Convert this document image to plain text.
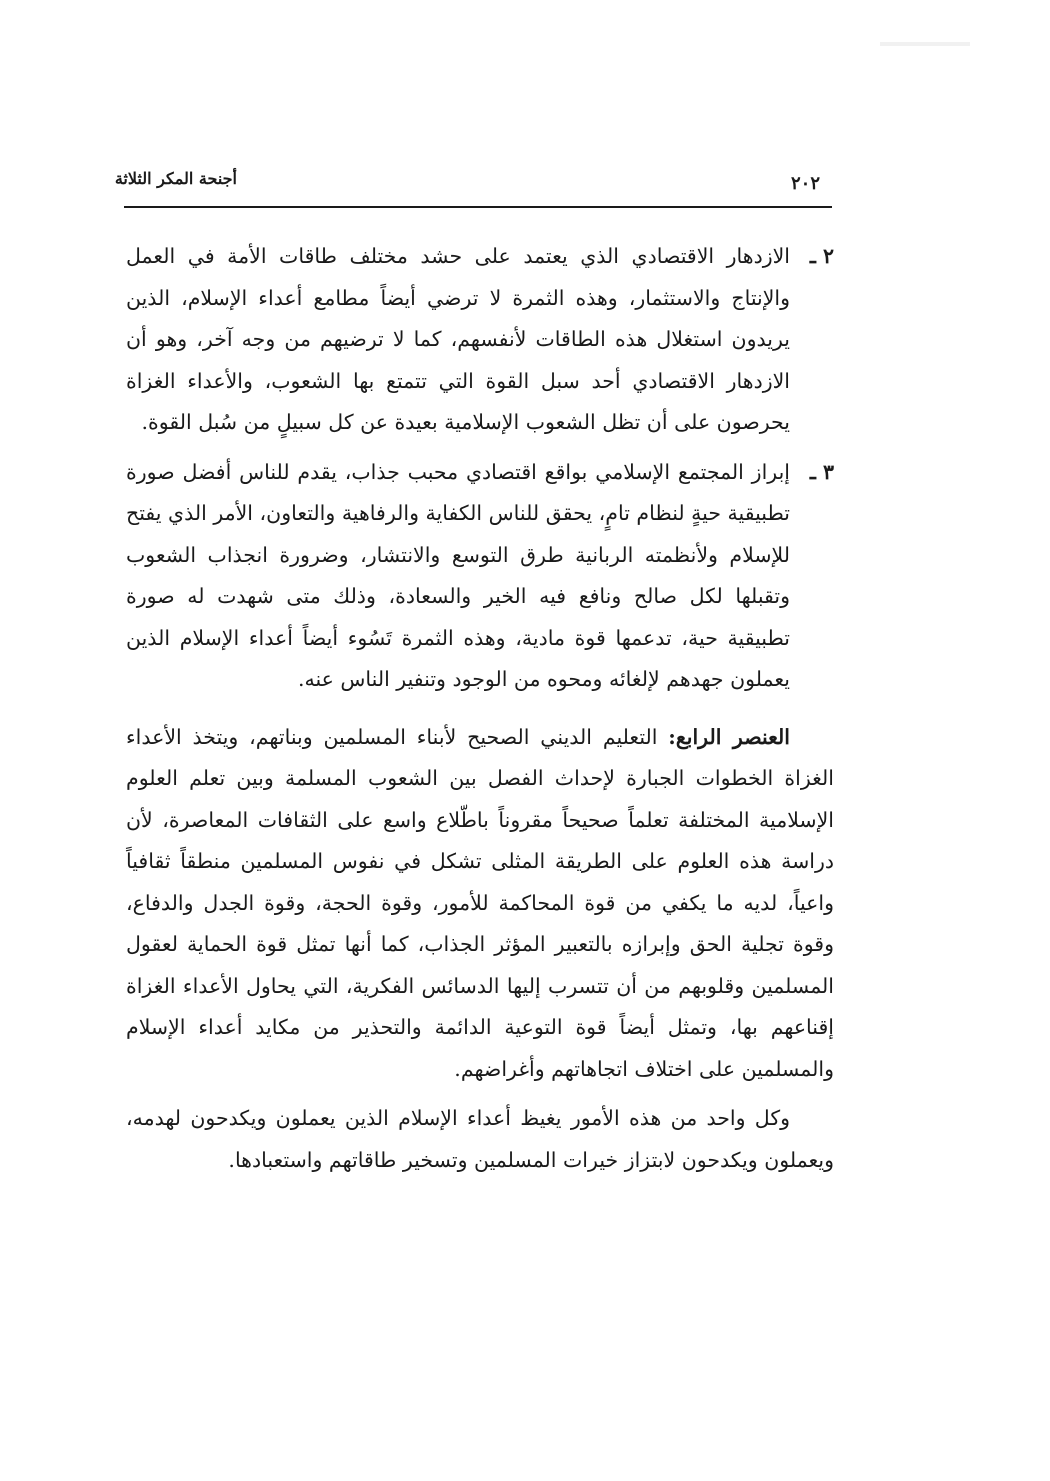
أجنحة المكر الثلاثة	٢٠٢
٢ ـ
الازدهار الاقتصادي الذي يعتمد على حشد مختلف طاقات الأمة في العمل والإنتاج والاستثمار، وهذه الثمرة لا ترضي أيضاً مطامع أعداء الإسلام، الذين يريدون استغلال هذه الطاقات لأنفسهم، كما لا ترضيهم من وجه آخر، وهو أن الازدهار الاقتصادي أحد سبل القوة التي تتمتع بها الشعوب، والأعداء الغزاة يحرصون على أن تظل الشعوب الإسلامية بعيدة عن كل سبيلٍ من سُبل القوة.
٣ ـ
إبراز المجتمع الإسلامي بواقع اقتصادي محبب جذاب، يقدم للناس أفضل صورة تطبيقية حيةٍ لنظام تامٍ، يحقق للناس الكفاية والرفاهية والتعاون، الأمر الذي يفتح للإسلام ولأنظمته الربانية طرق التوسع والانتشار، وضرورة انجذاب الشعوب وتقبلها لكل صالح ونافع فيه الخير والسعادة، وذلك متى شهدت له صورة تطبيقية حية، تدعمها قوة مادية، وهذه الثمرة تَسُوء أيضاً أعداء الإسلام الذين يعملون جهدهم لإلغائه ومحوه من الوجود وتنفير الناس عنه.

العنصر الرابع: التعليم الديني الصحيح لأبناء المسلمين وبناتهم، ويتخذ الأعداء الغزاة الخطوات الجبارة لإحداث الفصل بين الشعوب المسلمة وبين تعلم العلوم الإسلامية المختلفة تعلماً صحيحاً مقروناً باطّلاع واسع على الثقافات المعاصرة، لأن دراسة هذه العلوم على الطريقة المثلى تشكل في نفوس المسلمين منطقاً ثقافياً واعياً، لديه ما يكفي من قوة المحاكمة للأمور، وقوة الحجة، وقوة الجدل والدفاع، وقوة تجلية الحق وإبرازه بالتعبير المؤثر الجذاب، كما أنها تمثل قوة الحماية لعقول المسلمين وقلوبهم من أن تتسرب إليها الدسائس الفكرية، التي يحاول الأعداء الغزاة إقناعهم بها، وتمثل أيضاً قوة التوعية الدائمة والتحذير من مكايد أعداء الإسلام والمسلمين على اختلاف اتجاهاتهم وأغراضهم.

وكل واحد من هذه الأمور يغيظ أعداء الإسلام الذين يعملون ويكدحون لهدمه، ويعملون ويكدحون لابتزاز خيرات المسلمين وتسخير طاقاتهم واستعبادها.
